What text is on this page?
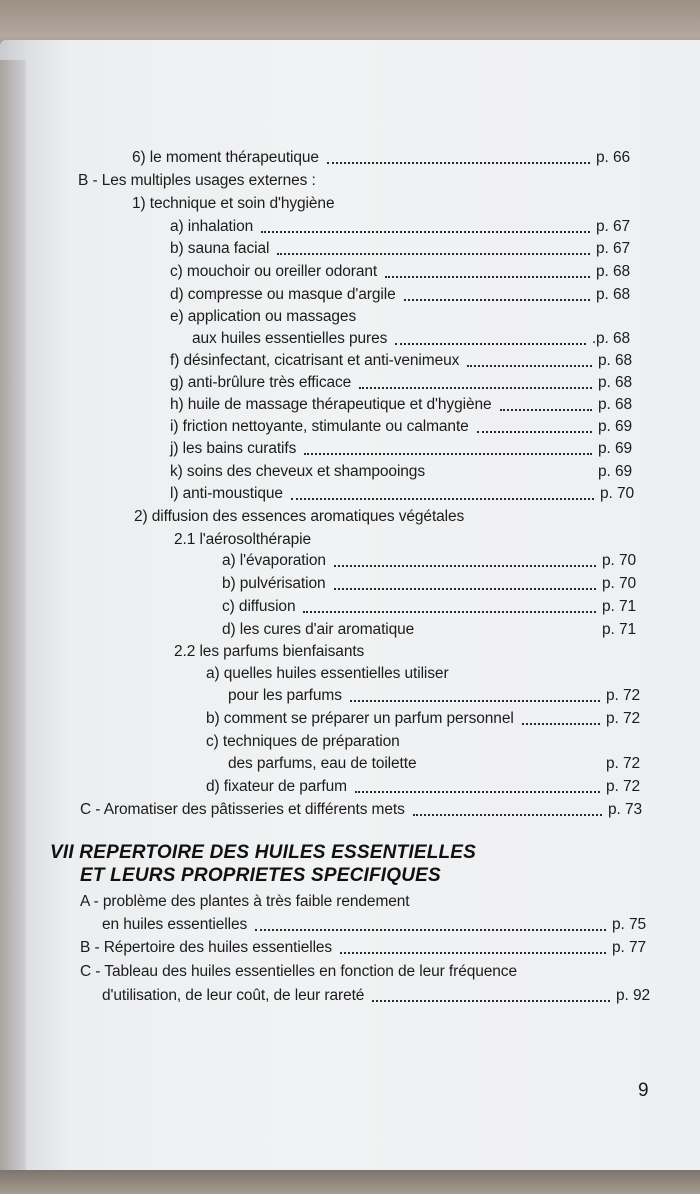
6) le moment thérapeutique	p. 66
B - Les multiples usages externes :
1) technique et soin d'hygiène
a) inhalation	p. 67
b) sauna facial	p. 67
c) mouchoir ou oreiller odorant	p. 68
d) compresse ou masque d'argile	p. 68
e) application ou massages
aux huiles essentielles pures	.p. 68
f) désinfectant, cicatrisant et anti-venimeux	p. 68
g) anti-brûlure très efficace	p. 68
h) huile de massage thérapeutique et d'hygiène	p. 68
i) friction nettoyante, stimulante ou calmante	p. 69
j) les bains curatifs	p. 69
k) soins des cheveux et shampooings	p. 69
l) anti-moustique	p. 70
2) diffusion des essences aromatiques végétales
2.1 l'aérosolthérapie
a) l'évaporation	p. 70
b) pulvérisation	p. 70
c) diffusion	p. 71
d) les cures d'air aromatique	p. 71
2.2 les parfums bienfaisants
a) quelles huiles essentielles utiliser
pour les parfums	p. 72
b) comment se préparer un parfum personnel	p. 72
c) techniques de préparation
des parfums, eau de toilette	p. 72
d) fixateur de parfum	p. 72
C - Aromatiser des pâtisseries et différents mets	p. 73
VII REPERTOIRE DES HUILES ESSENTIELLES
ET LEURS PROPRIETES SPECIFIQUES
A - problème des plantes à très faible rendement
en huiles essentielles	p. 75
B - Répertoire des huiles essentielles	p. 77
C - Tableau des huiles essentielles en fonction de leur fréquence
d'utilisation, de leur coût, de leur rareté	p. 92
9
